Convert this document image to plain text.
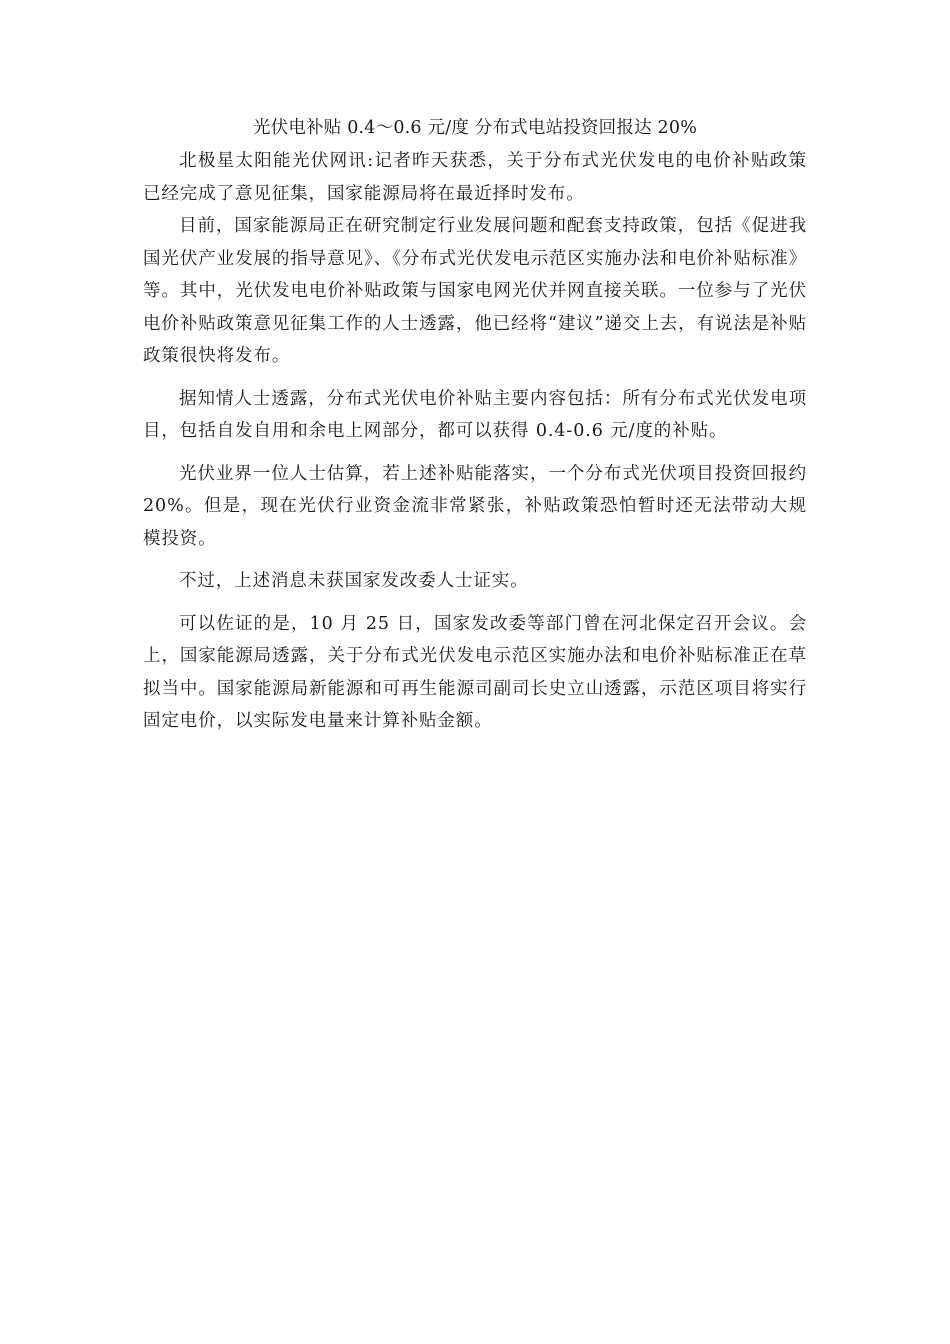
光伏电补贴 0.4～0.6 元/度 分布式电站投资回报达 20%

北极星太阳能光伏网讯:记者昨天获悉，关于分布式光伏发电的电价补贴政策已经完成了意见征集，国家能源局将在最近择时发布。

目前，国家能源局正在研究制定行业发展问题和配套支持政策，包括《促进我国光伏产业发展的指导意见》、《分布式光伏发电示范区实施办法和电价补贴标准》等。其中，光伏发电电价补贴政策与国家电网光伏并网直接关联。一位参与了光伏电价补贴政策意见征集工作的人士透露，他已经将“建议”递交上去，有说法是补贴政策很快将发布。

据知情人士透露，分布式光伏电价补贴主要内容包括：所有分布式光伏发电项目，包括自发自用和余电上网部分，都可以获得 0.4-0.6 元/度的补贴。

光伏业界一位人士估算，若上述补贴能落实，一个分布式光伏项目投资回报约 20%。但是，现在光伏行业资金流非常紧张，补贴政策恐怕暂时还无法带动大规模投资。

不过，上述消息未获国家发改委人士证实。

可以佐证的是，10 月 25 日，国家发改委等部门曾在河北保定召开会议。会上，国家能源局透露，关于分布式光伏发电示范区实施办法和电价补贴标准正在草拟当中。国家能源局新能源和可再生能源司副司长史立山透露，示范区项目将实行固定电价，以实际发电量来计算补贴金额。
